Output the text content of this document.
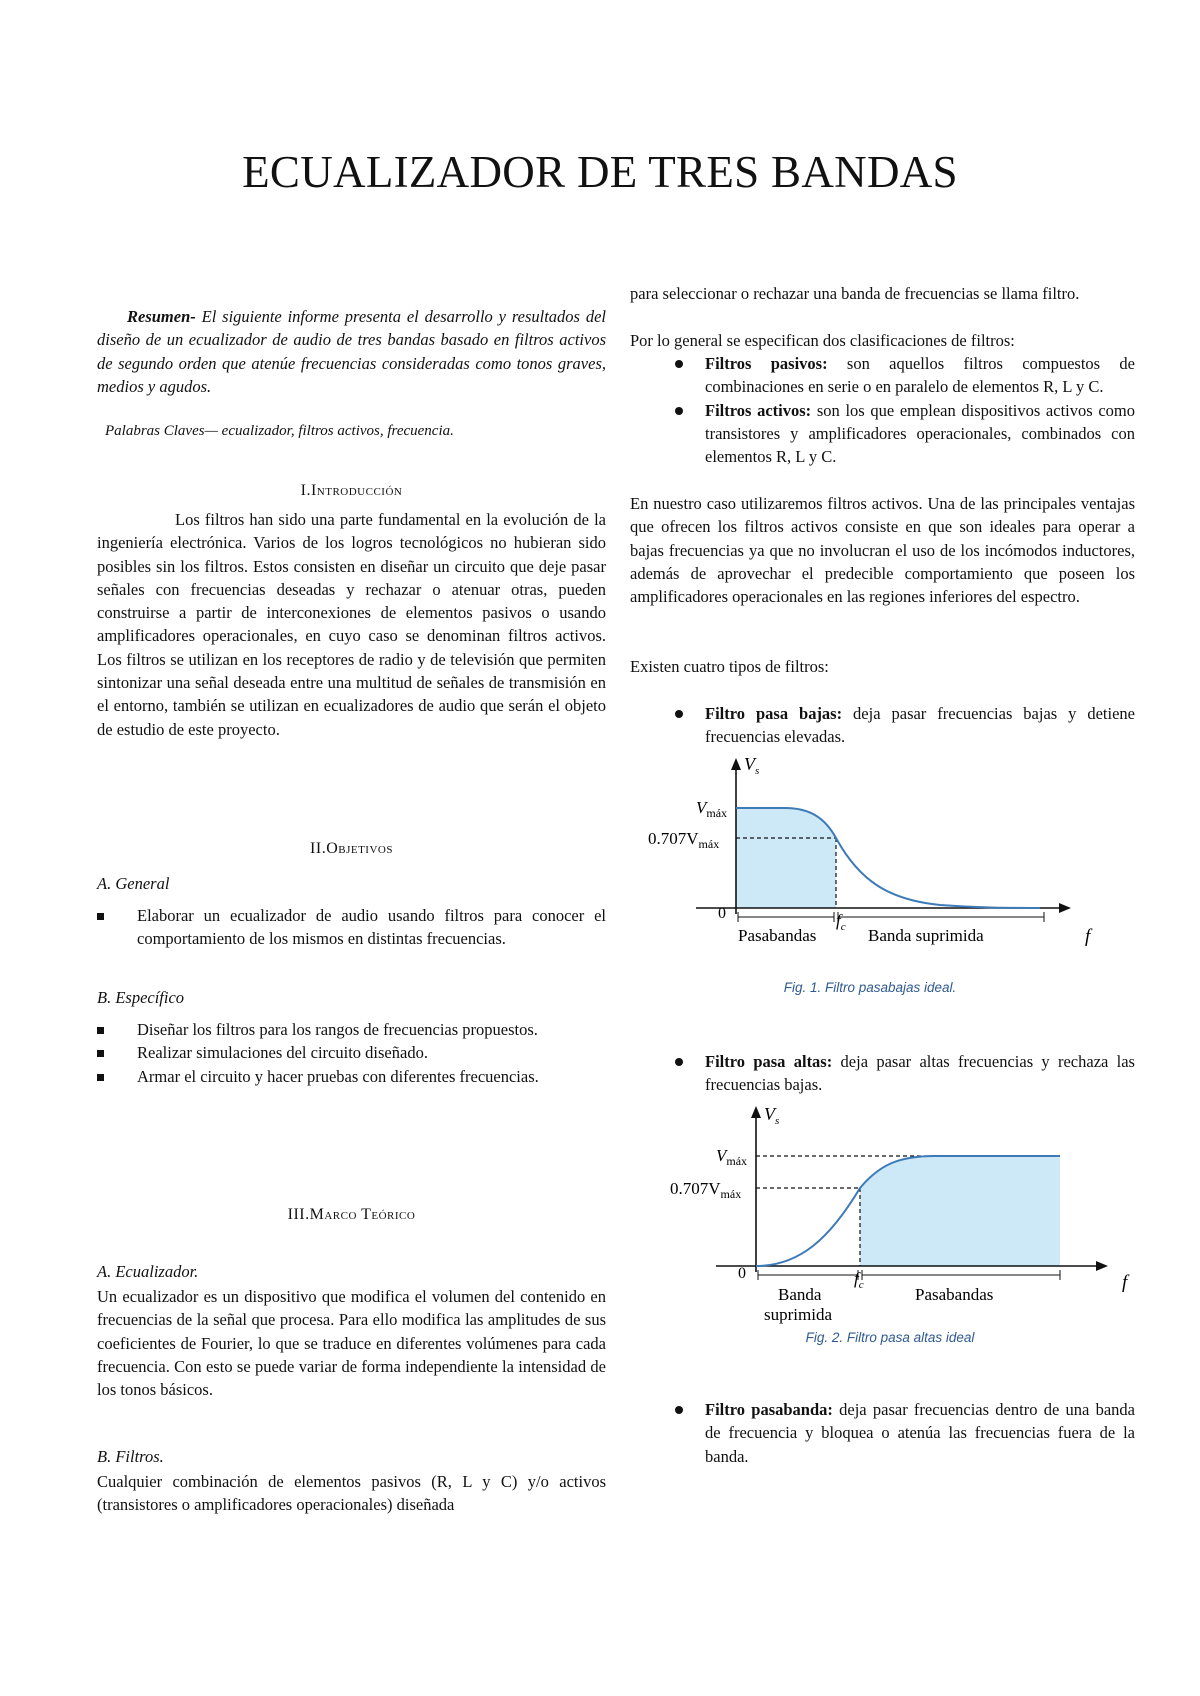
ECUALIZADOR DE TRES BANDAS

Resumen- El siguiente informe presenta el desarrollo y resultados del diseño de un ecualizador de audio de tres bandas basado en filtros activos de segundo orden que atenúe frecuencias consideradas como tonos graves, medios y agudos.

Palabras Claves— ecualizador, filtros activos, frecuencia.

I.Introducción

Los filtros han sido una parte fundamental en la evolución de la ingeniería electrónica. Varios de los logros tecnológicos no hubieran sido posibles sin los filtros. Estos consisten en diseñar un circuito que deje pasar señales con frecuencias deseadas y rechazar o atenuar otras, pueden construirse a partir de interconexiones de elementos pasivos o usando amplificadores operacionales, en cuyo caso se denominan filtros activos. Los filtros se utilizan en los receptores de radio y de televisión que permiten sintonizar una señal deseada entre una multitud de señales de transmisión en el entorno, también se utilizan en ecualizadores de audio que serán el objeto de estudio de este proyecto.

II.Objetivos
A. General
Elaborar un ecualizador de audio usando filtros para conocer el comportamiento de los mismos en distintas frecuencias.
B. Específico
Diseñar los filtros para los rangos de frecuencias propuestos.
Realizar simulaciones del circuito diseñado.
Armar el circuito y hacer pruebas con diferentes frecuencias.
III.Marco Teórico
A. Ecualizador.

Un ecualizador es un dispositivo que modifica el volumen del contenido en frecuencias de la señal que procesa. Para ello modifica las amplitudes de sus coeficientes de Fourier, lo que se traduce en diferentes volúmenes para cada frecuencia. Con esto se puede variar de forma independiente la intensidad de los tonos básicos.

B. Filtros.

Cualquier combinación de elementos pasivos (R, L y C) y/o activos (transistores o amplificadores operacionales) diseñada

para seleccionar o rechazar una banda de frecuencias se llama filtro.

Por lo general se especifican dos clasificaciones de filtros:

Filtros pasivos: son aquellos filtros compuestos de combinaciones en serie o en paralelo de elementos R, L y C.
Filtros activos: son los que emplean dispositivos activos como transistores y amplificadores operacionales, combinados con elementos R, L y C.

En nuestro caso utilizaremos filtros activos. Una de las principales ventajas que ofrecen los filtros activos consiste en que son ideales para operar a bajas frecuencias ya que no involucran el uso de los incómodos inductores, además de aprovechar el predecible comportamiento que poseen los amplificadores operacionales en las regiones inferiores del espectro.

Existen cuatro tipos de filtros:

Filtro pasa bajas: deja pasar frecuencias bajas y detiene frecuencias elevadas.
Filtro pasa altas: deja pasar altas frecuencias y rechaza las frecuencias bajas.
Filtro pasabanda: deja pasar frecuencias dentro de una banda de frecuencia y bloquea o atenúa las frecuencias fuera de la banda.
$V_s$
$V_{máx}$
$0.707V_{máx}$
0	$f_c$
Pasabandas	Banda suprimida	f
Fig. 1. Filtro pasabajas ideal.
$V_s$
$V_{máx}$
$0.707V_{máx}$
0	$f_c$
Banda
suprimida
Pasabandas
f
Fig. 2. Filtro pasa altas ideal
